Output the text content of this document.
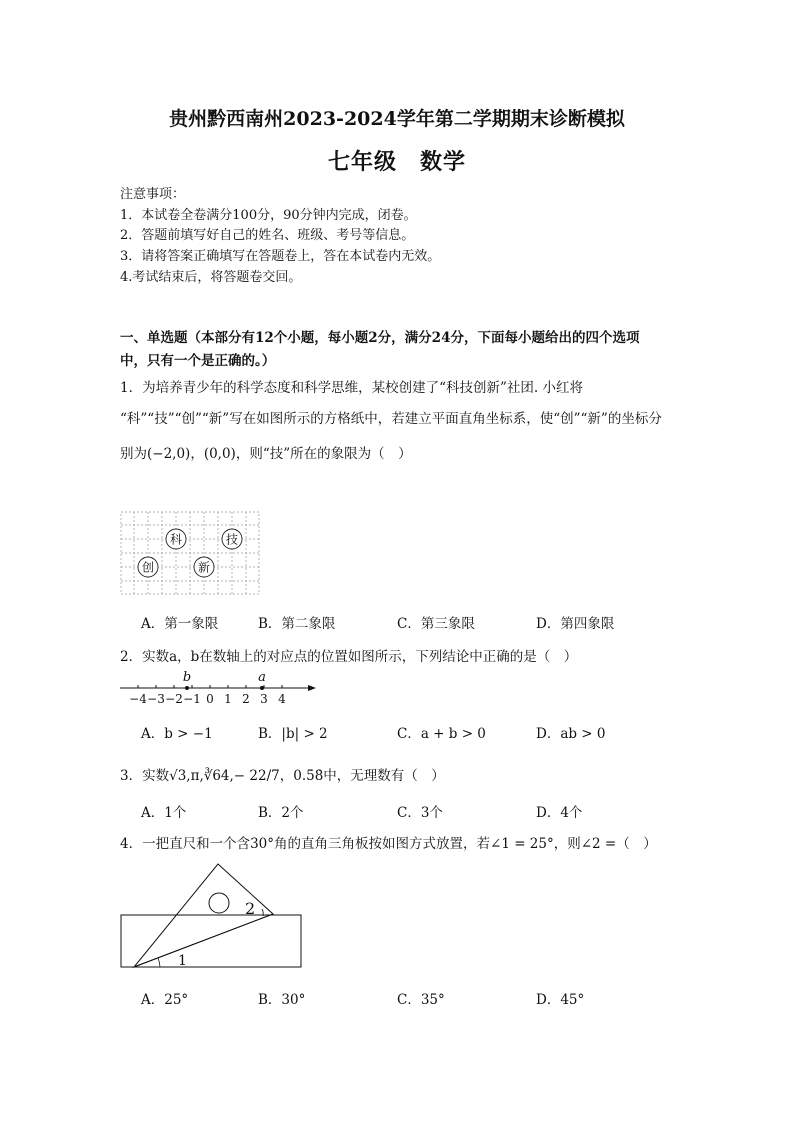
贵州黔西南州2023-2024学年第二学期期末诊断模拟
七年级　数学
注意事项：
1．本试卷全卷满分100分，90分钟内完成，闭卷。
2．答题前填写好自己的姓名、班级、考号等信息。
3．请将答案正确填写在答题卷上，答在本试卷内无效。
4.考试结束后，将答题卷交回。
一、单选题（本部分有12个小题，每小题2分，满分24分，下面每小题给出的四个选项
中，只有一个是正确的。）
1．为培养青少年的科学态度和科学思维，某校创建了“科技创新”社团. 小红将
“科”“技”“创”“新”写在如图所示的方格纸中，若建立平面直角坐标系，使“创”“新”的坐标分
别为(−2,0)，(0,0)，则“技”所在的象限为（　）
科	技
创	新
A．第一象限	B．第二象限	C．第三象限	D．第四象限
2．实数a，b在数轴上的对应点的位置如图所示，下列结论中正确的是（　）
b	a
−4 −3 −2 −1 0 1 2 3 4
A．b > −1	B．|b| > 2	C．a + b > 0	D．ab > 0
3．实数√3,π,∛64,− 22/7，0.5̇8̇中，无理数有（　）
A．1个	B．2个	C．3个	D．4个
4．一把直尺和一个含30°角的直角三角板按如图方式放置，若∠1 = 25°，则∠2 =（　）
2
1
A．25°	B．30°	C．35°	D．45°
